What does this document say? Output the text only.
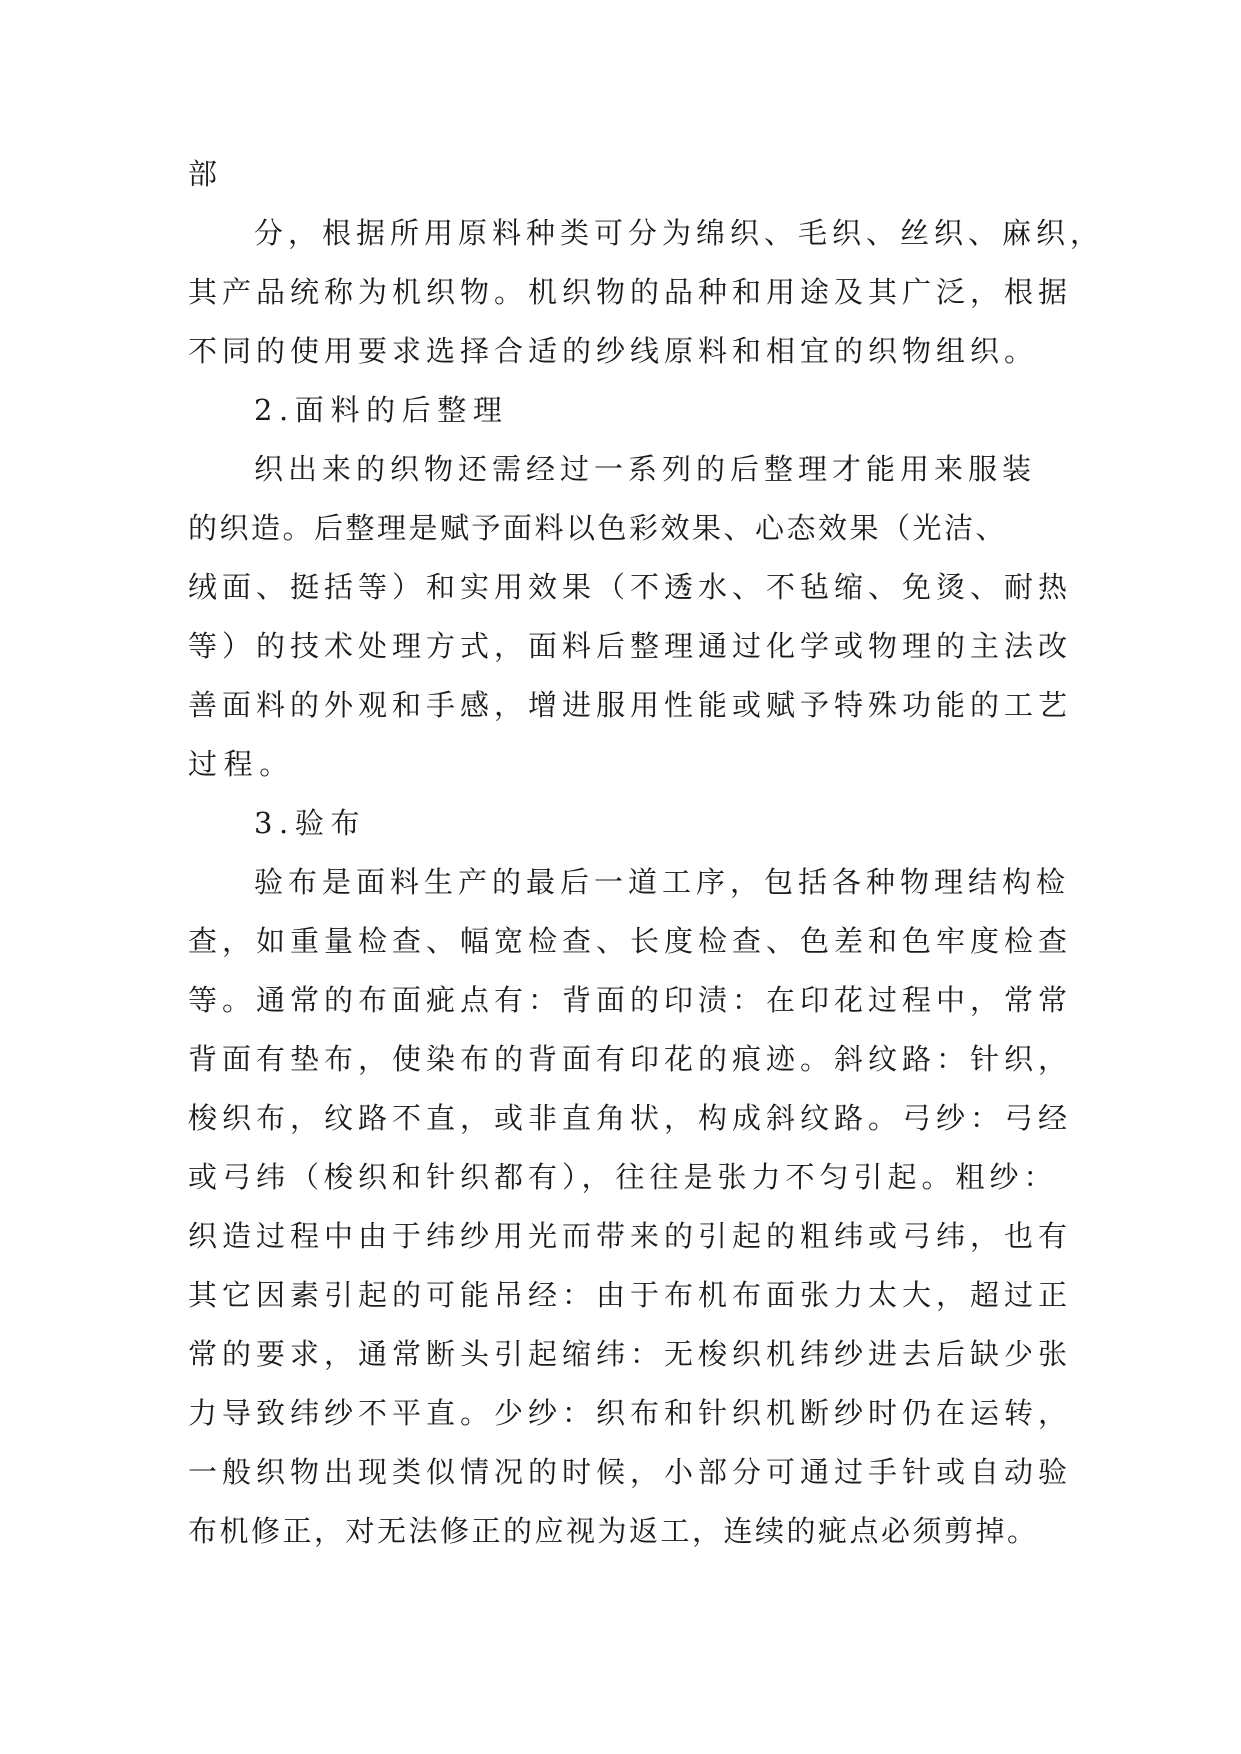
部
分，根据所用原料种类可分为绵织、毛织、丝织、麻织，
其产品统称为机织物。机织物的品种和用途及其广泛，根据
不同的使用要求选择合适的纱线原料和相宜的织物组织。
2.面料的后整理
织出来的织物还需经过一系列的后整理才能用来服装
的织造。后整理是赋予面料以色彩效果、心态效果（光洁、
绒面、挺括等）和实用效果（不透水、不毡缩、免烫、耐热
等）的技术处理方式，面料后整理通过化学或物理的主法改
善面料的外观和手感，增进服用性能或赋予特殊功能的工艺
过程。
3.验布
验布是面料生产的最后一道工序，包括各种物理结构检
查，如重量检查、幅宽检查、长度检查、色差和色牢度检查
等。通常的布面疵点有：背面的印渍：在印花过程中，常常
背面有垫布，使染布的背面有印花的痕迹。斜纹路：针织，
梭织布，纹路不直，或非直角状，构成斜纹路。弓纱：弓经
或弓纬（梭织和针织都有），往往是张力不匀引起。粗纱：
织造过程中由于纬纱用光而带来的引起的粗纬或弓纬，也有
其它因素引起的可能吊经：由于布机布面张力太大，超过正
常的要求，通常断头引起缩纬：无梭织机纬纱进去后缺少张
力导致纬纱不平直。少纱：织布和针织机断纱时仍在运转，
一般织物出现类似情况的时候，小部分可通过手针或自动验
布机修正，对无法修正的应视为返工，连续的疵点必须剪掉。
